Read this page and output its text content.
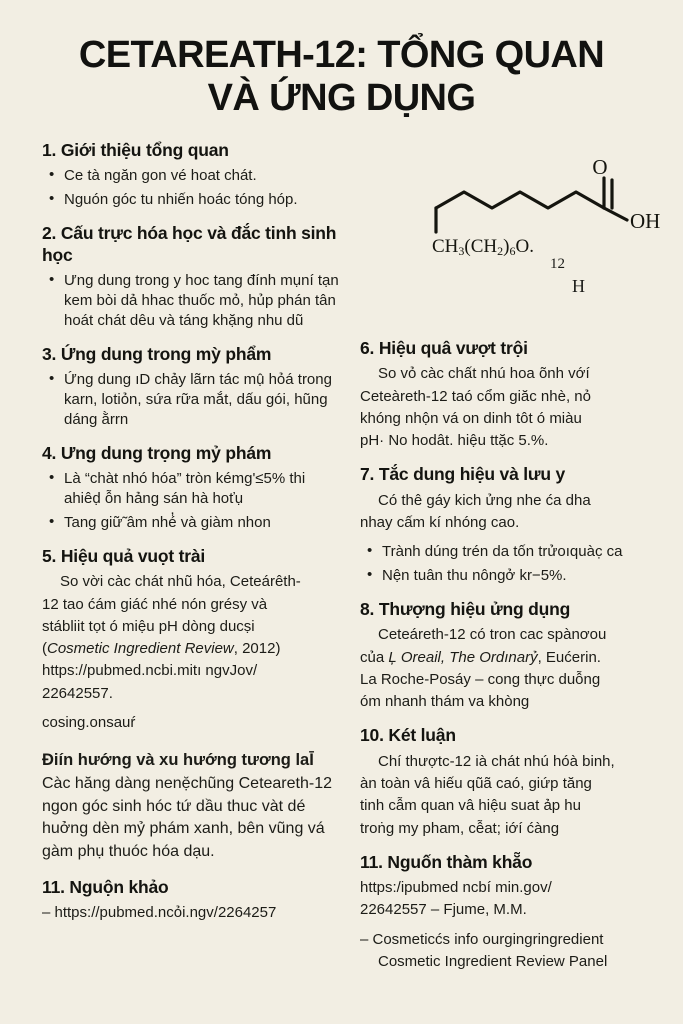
CETAREATH-12: TỔNG QUAN
VÀ ỨNG DỤNG
O
OH
$CH_3(CH_2)_6O$.
12
H
1. Giới thiệu tổng quan
• Ce tà ngăn gon vé hoat chát.
• Nguón góc tu nhiến hoác tóng hóp.
2. Cấu trực hóa học và đắc tinh sinh học
• Ưng dung trong y hoc tang đính mụní tạn kem bòi dả hhac thuốc mỏ, hủp phán tân hoát chát dêu và táng khặng nhu dũ
3. Ứng dung trong mỳ phẩm
• Ứng dung ıD chảy lãrn tác mụ̂ hỏá trong karn, lotiỏn, sứa rữa mắt, dấu gói, hũng dáng ằrrn
4. Ưng dung trọng mỷ phám
• Là “chàt nhó hóa” tròn kémg'≤5% thi ahiêḍ ỗn hảng sán hà hoťụ
• Tang giữ̃ âm nhé̓ và giàm nhon
5. Hiệu quả vuọt trài

So vời càc chát nhũ hóa, Ceteárêth-

12 tao ćám giáć nhé nón grésy và

stábliit tọt ó miệu pH dòng ducṣi

(Cosmetic Ingredient Review, 2012)

https://pubmed.ncbi.mitı ngvJov/

22642557.

cosing.onsauŕ

Điín hướng và xu hướng tương laĪ Càc hăng dàng nenẹ̆chũng Ceteareth-12 ngon góc sinh hóc tứ dầu thuc vàt dé huởng dèn mỷ phám xanh, bên vũng vá gàm phụ thuóc hóa dạu.
11. Nguộn khảo

– https://pubmed.ncỏi.ngv/2264257

6. Hiệu quâ vượt trội

So vỏ càc chất nhú hoa õnh vớí

Ceteàreth-12 taó cổm giăc nhè, nỏ

khóng nhộn vá on dinh tôt ó miàu

pH· No hodât. hiệu ttặc 5.%.

7. Tắc dung hiệu và lưu y

Có thê gáy kich ửng nhe ća dha

nhay cấm kí nhóng cao.

• Trành dúng trén da tốn trửoıquàc̣ ca
• Nện tuân thu nôngở kr−5%.
8. Thượng hiệu ửng dụng

Ceteáreth-12 có tron cac spànơou

của Ļ Oreail, The Ordınarỷ, Eućerin.

La Roche-Posáy – cong thực duỗng

óm nhanh thám va khòng

10. Két luận

Chí thượtc-12 ià chát nhú hóà binh,

àn toàn vâ hiếu qũã caó, giứp tăng

tinh cẫm quan vâ hiệu suat ảp hu

troṅg my pham, cễat; iớí ćàng

11. Nguốn thàm khẵo

https:/ipubmed ncbí min.gov/

22642557 – Fjume, M.M.

– Cosmeticćs info ourgingringredient

Cosmetic Ingredient Review Panel
